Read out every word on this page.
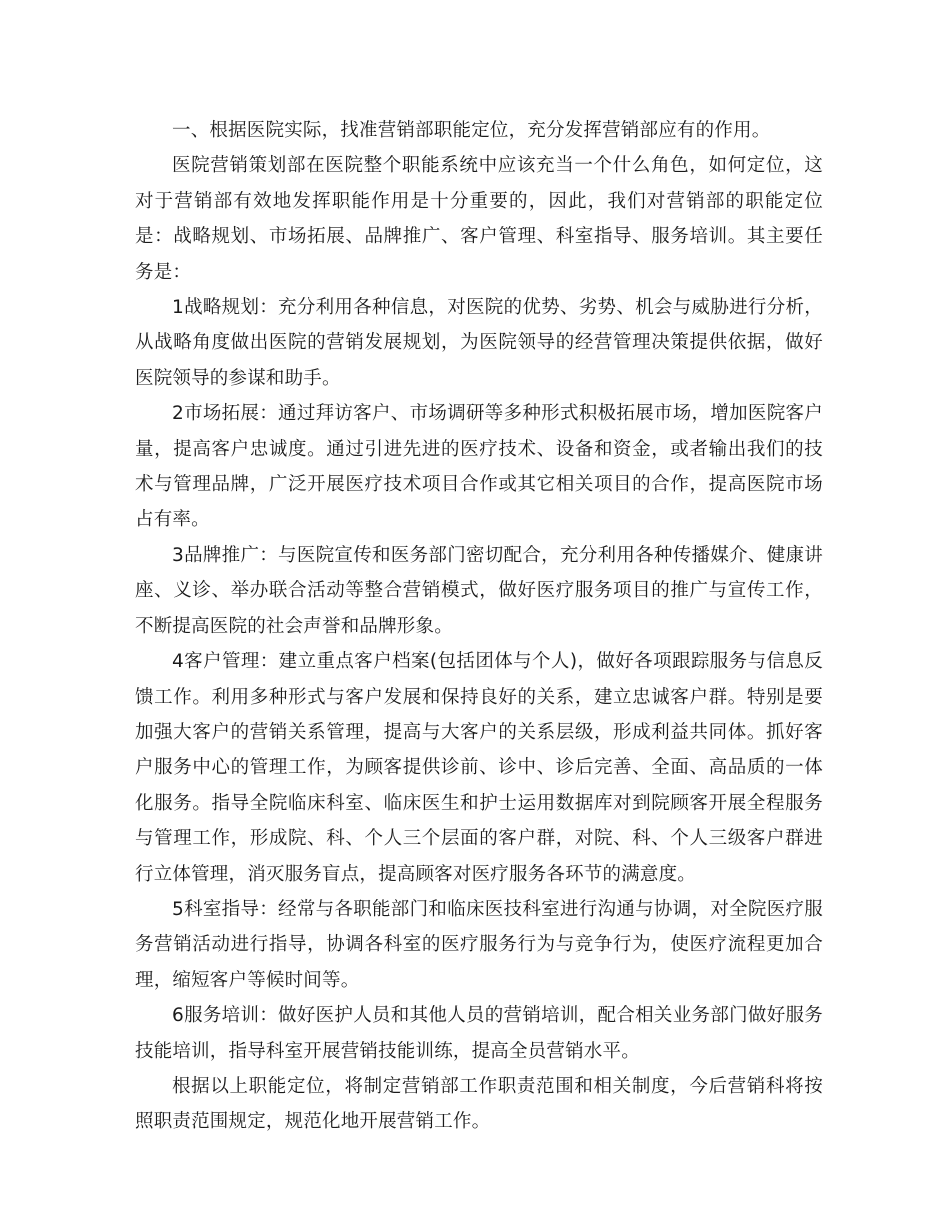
一、根据医院实际，找准营销部职能定位，充分发挥营销部应有的作用。

医院营销策划部在医院整个职能系统中应该充当一个什么角色，如何定位，这对于营销部有效地发挥职能作用是十分重要的，因此，我们对营销部的职能定位是：战略规划、市场拓展、品牌推广、客户管理、科室指导、服务培训。其主要任务是：

1战略规划：充分利用各种信息，对医院的优势、劣势、机会与威胁进行分析，从战略角度做出医院的营销发展规划，为医院领导的经营管理决策提供依据，做好医院领导的参谋和助手。

2市场拓展：通过拜访客户、市场调研等多种形式积极拓展市场，增加医院客户量，提高客户忠诚度。通过引进先进的医疗技术、设备和资金，或者输出我们的技术与管理品牌，广泛开展医疗技术项目合作或其它相关项目的合作，提高医院市场占有率。

3品牌推广：与医院宣传和医务部门密切配合，充分利用各种传播媒介、健康讲座、义诊、举办联合活动等整合营销模式，做好医疗服务项目的推广与宣传工作，不断提高医院的社会声誉和品牌形象。

4客户管理：建立重点客户档案(包括团体与个人)，做好各项跟踪服务与信息反馈工作。利用多种形式与客户发展和保持良好的关系，建立忠诚客户群。特别是要加强大客户的营销关系管理，提高与大客户的关系层级，形成利益共同体。抓好客户服务中心的管理工作，为顾客提供诊前、诊中、诊后完善、全面、高品质的一体化服务。指导全院临床科室、临床医生和护士运用数据库对到院顾客开展全程服务与管理工作，形成院、科、个人三个层面的客户群，对院、科、个人三级客户群进行立体管理，消灭服务盲点，提高顾客对医疗服务各环节的满意度。

5科室指导：经常与各职能部门和临床医技科室进行沟通与协调，对全院医疗服务营销活动进行指导，协调各科室的医疗服务行为与竞争行为，使医疗流程更加合理，缩短客户等候时间等。

6服务培训：做好医护人员和其他人员的营销培训，配合相关业务部门做好服务技能培训，指导科室开展营销技能训练，提高全员营销水平。

根据以上职能定位，将制定营销部工作职责范围和相关制度，今后营销科将按照职责范围规定，规范化地开展营销工作。
